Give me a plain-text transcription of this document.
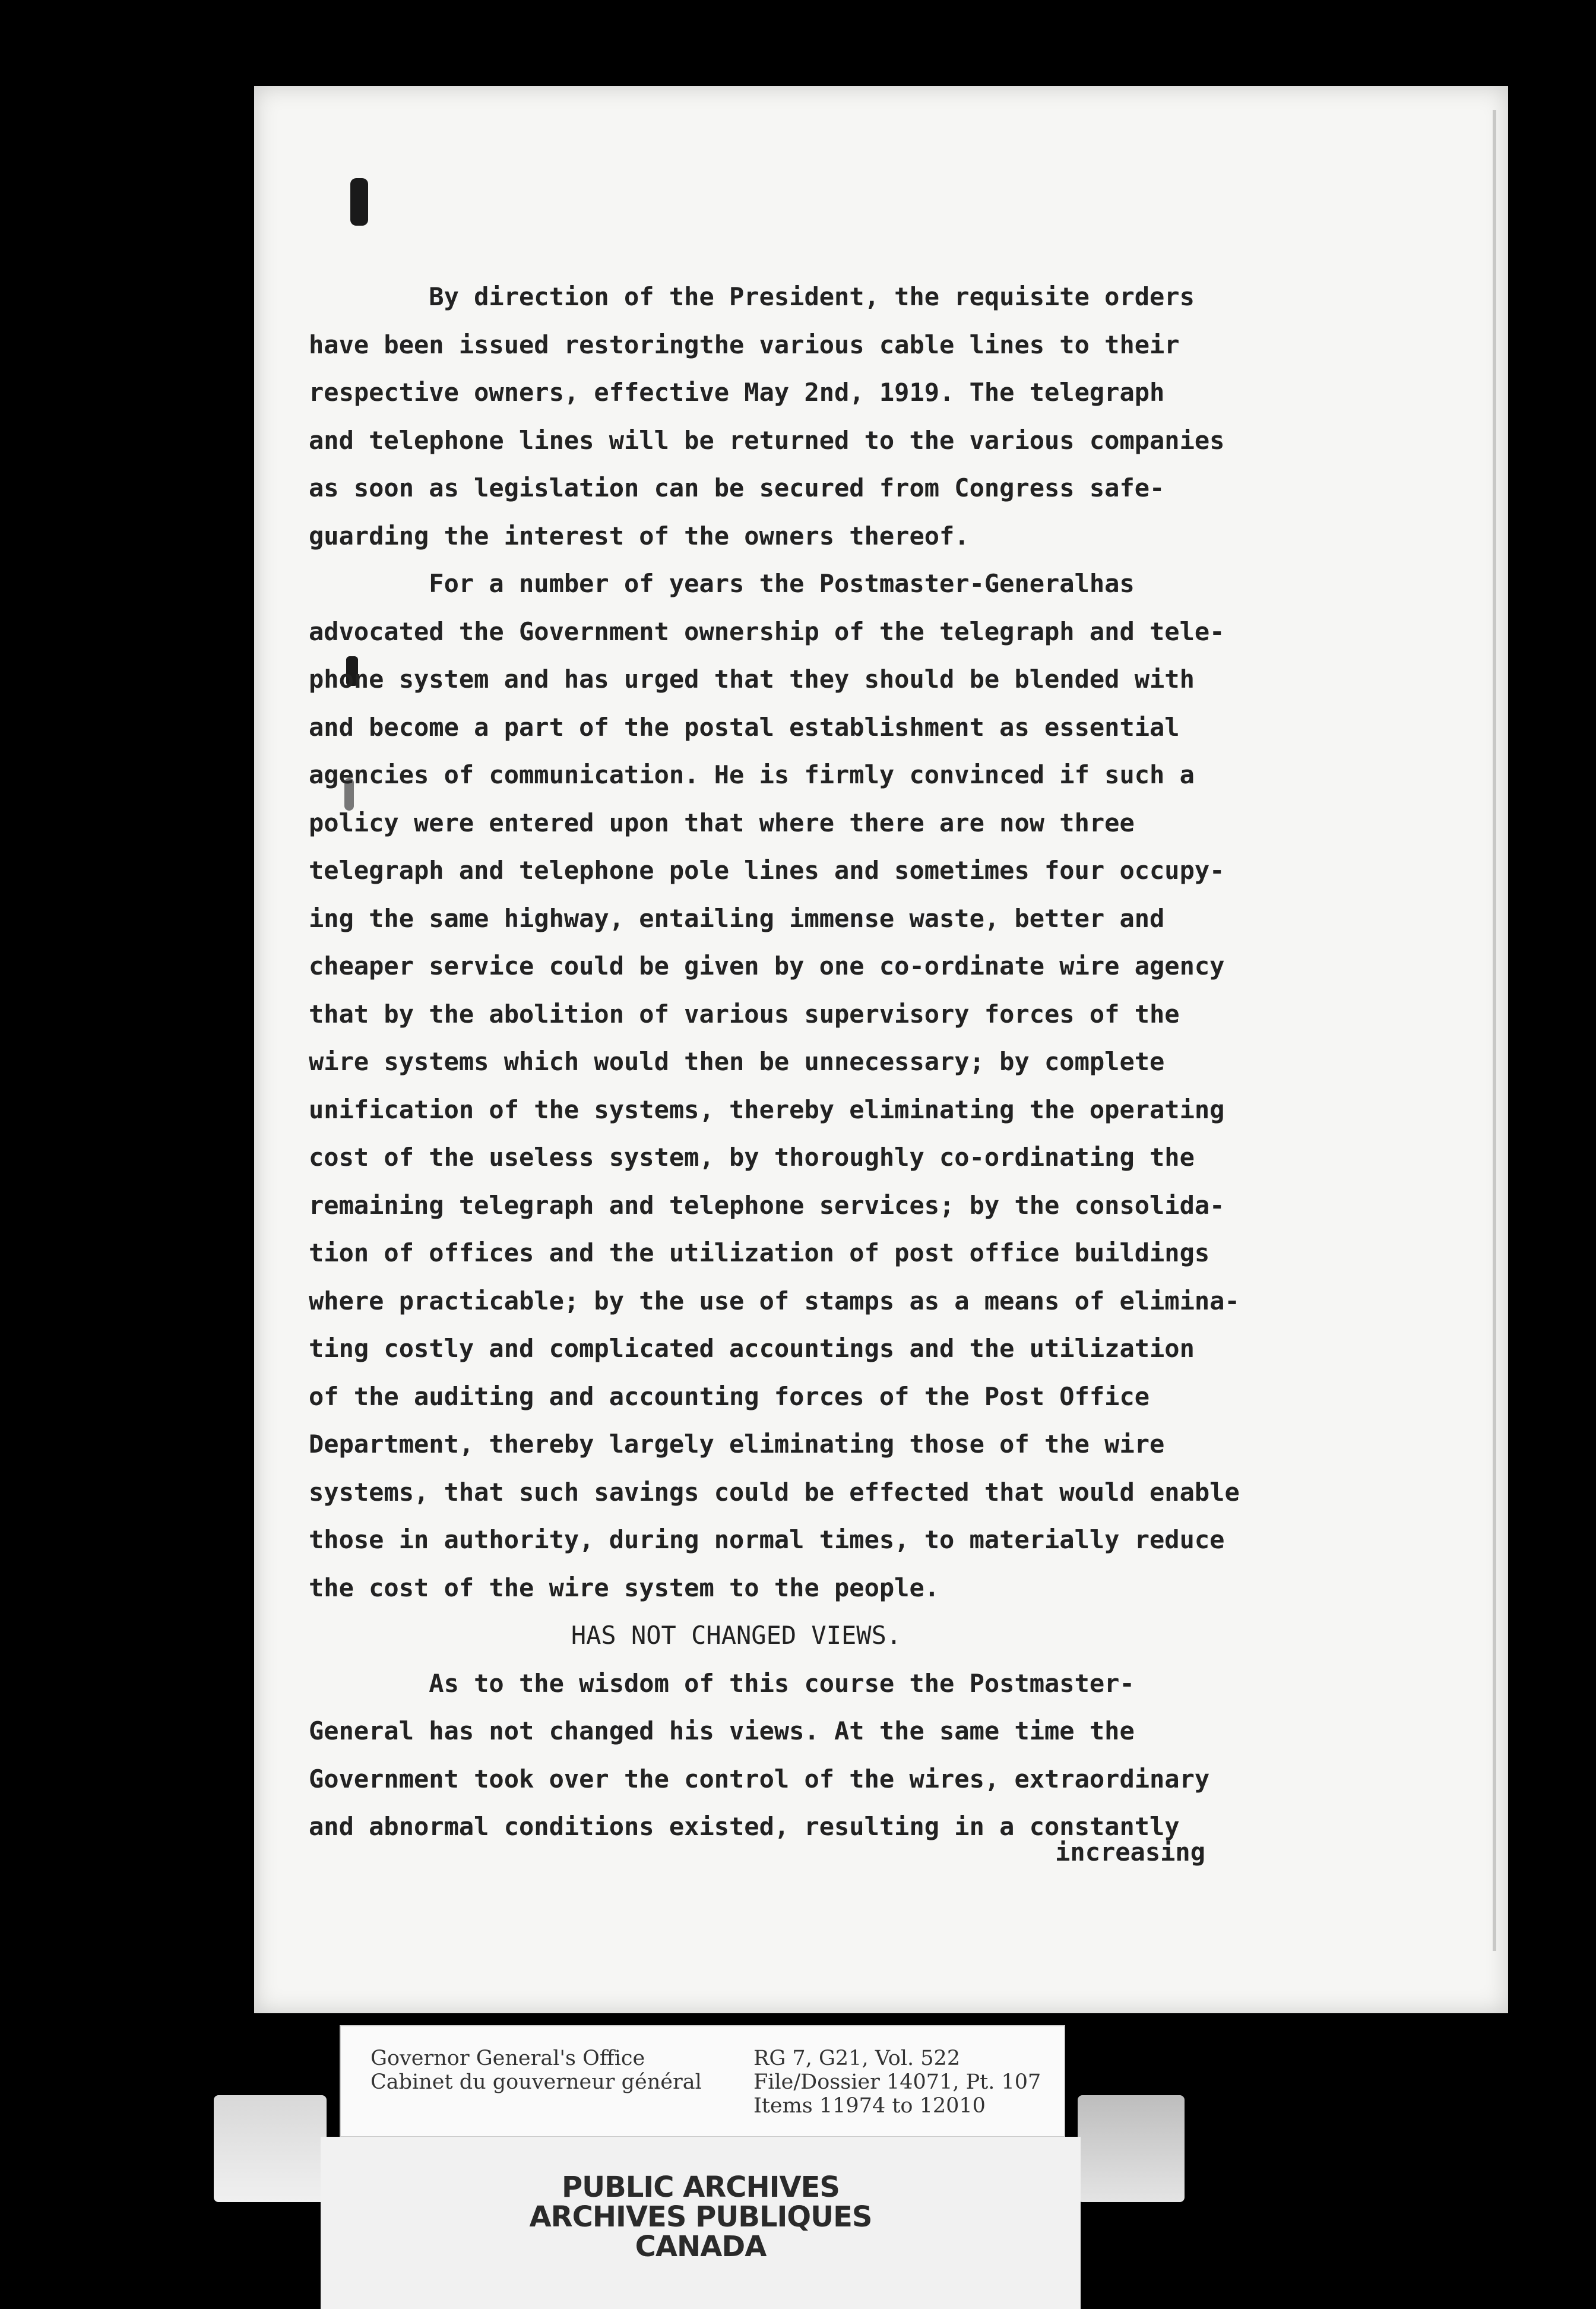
By direction of the President, the requisite orders
have been issued restoringthe various cable lines to their
respective owners, effective May 2nd, 1919. The telegraph
and telephone lines will be returned to the various companies
as soon as legislation can be secured from Congress safe-
guarding the interest of the owners thereof.
For a number of years the Postmaster-Generalhas
advocated the Government ownership of the telegraph and tele-
phone system and has urged that they should be blended with
and become a part of the postal establishment as essential
agencies of communication. He is firmly convinced if such a
policy were entered upon that where there are now three
telegraph and telephone pole lines and sometimes four occupy-
ing the same highway, entailing immense waste, better and
cheaper service could be given by one co-ordinate wire agency
that by the abolition of various supervisory forces of the
wire systems which would then be unnecessary; by complete
unification of the systems, thereby eliminating the operating
cost of the useless system, by thoroughly co-ordinating the
remaining telegraph and telephone services; by the consolida-
tion of offices and the utilization of post office buildings
where practicable; by the use of stamps as a means of elimina-
ting costly and complicated accountings and the utilization
of the auditing and accounting forces of the Post Office
Department, thereby largely eliminating those of the wire
systems, that such savings could be effected that would enable
those in authority, during normal times, to materially reduce
the cost of the wire system to the people.
HAS NOT CHANGED VIEWS.
As to the wisdom of this course the Postmaster-
General has not changed his views. At the same time the
Government took over the control of the wires, extraordinary
and abnormal conditions existed, resulting in a constantly
increasing
Governor General's Office
Cabinet du gouverneur général
RG 7, G21, Vol. 522
File/Dossier 14071, Pt. 107
Items 11974 to 12010
PUBLIC ARCHIVES
ARCHIVES PUBLIQUES
CANADA
